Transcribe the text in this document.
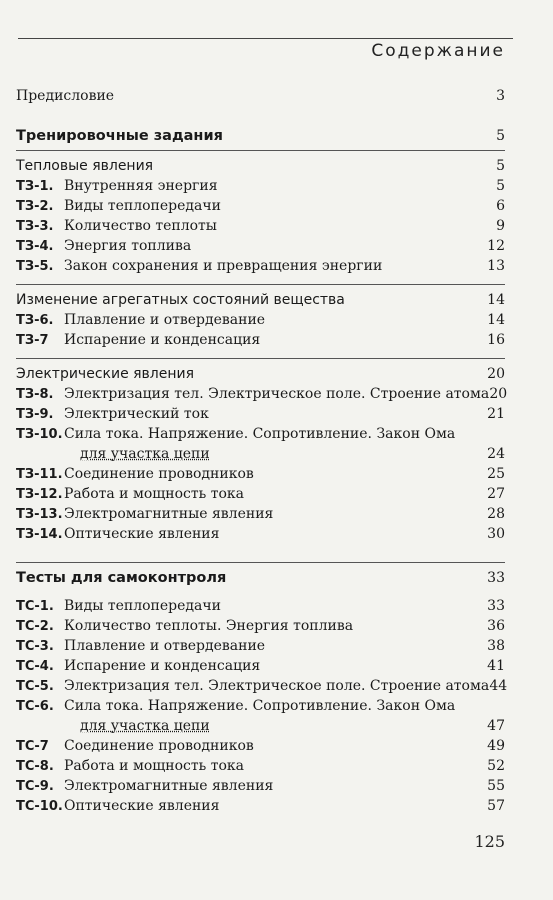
Содержание
Предисловие	3
Тренировочные задания	5
Тепловые явления	5
ТЗ-1. Внутренняя энергия	5
ТЗ-2. Виды теплопередачи	6
ТЗ-3. Количество теплоты	9
ТЗ-4. Энергия топлива	12
ТЗ-5. Закон сохранения и превращения энергии	13
Изменение агрегатных состояний вещества	14
ТЗ-6. Плавление и отвердевание	14
ТЗ-7	Испарение и конденсация	16
Электрические явления	20
ТЗ-8. Электризация тел. Электрическое поле. Строение атома 20
ТЗ-9. Электрический ток	21
ТЗ-10. Сила тока. Напряжение. Сопротивление. Закон Ома
для участка цепи	24
ТЗ-11. Соединение проводников	25
ТЗ-12. Работа и мощность тока	27
ТЗ-13. Электромагнитные явления	28
ТЗ-14. Оптические явления	30
Тесты для самоконтроля	33
ТС-1. Виды теплопередачи	33
ТС-2. Количество теплоты. Энергия топлива	36
ТС-3. Плавление и отвердевание	38
ТС-4. Испарение и конденсация	41
ТС-5. Электризация тел. Электрическое поле. Строение атома 44
ТС-6. Сила тока. Напряжение. Сопротивление. Закон Ома
для участка цепи	47
ТС-7	Соединение проводников	49
ТС-8. Работа и мощность тока	52
ТС-9. Электромагнитные явления	55
ТС-10. Оптические явления	57
125
